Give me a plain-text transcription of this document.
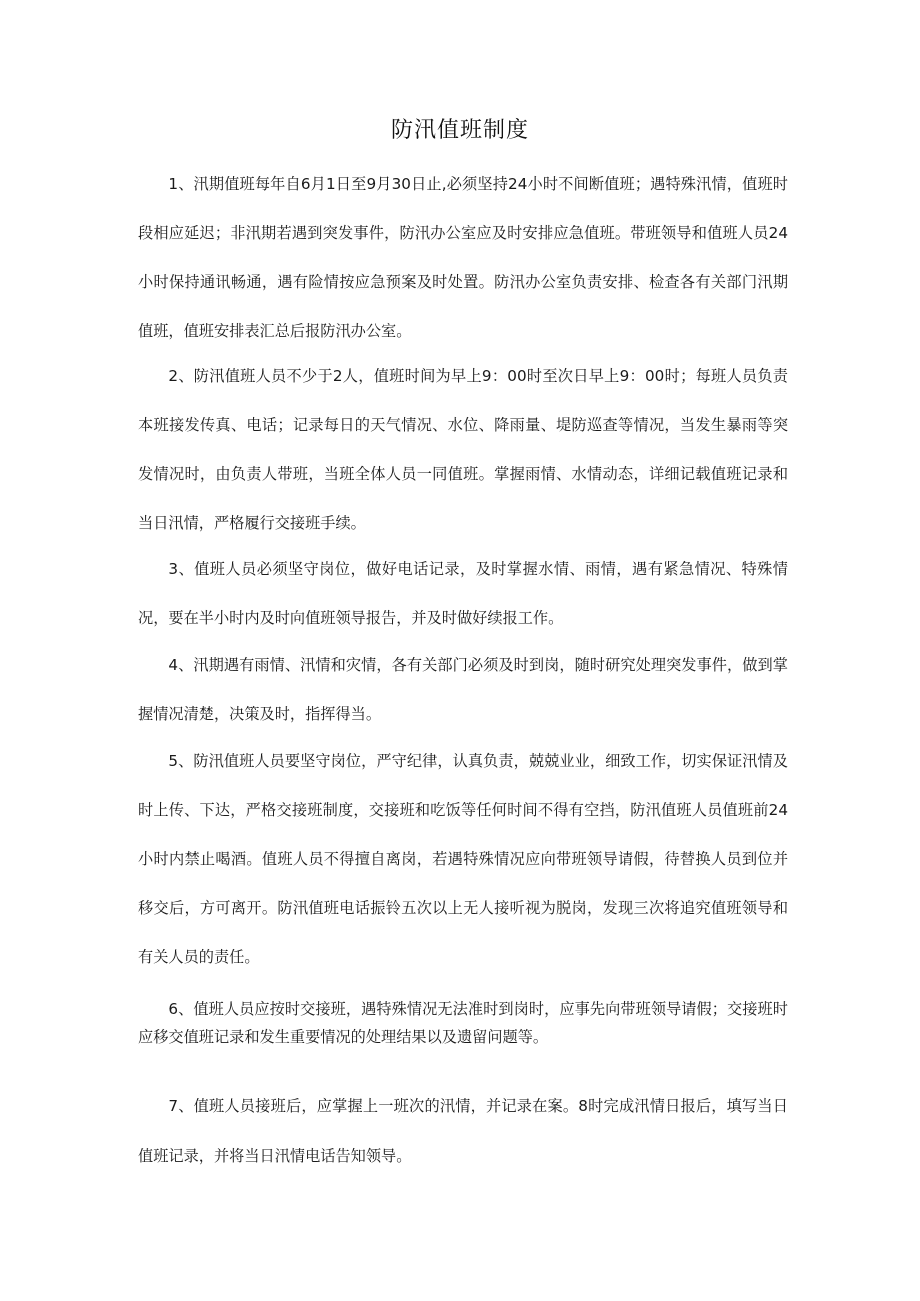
防汛值班制度

1、汛期值班每年自6月1日至9月30日止,必须坚持24小时不间断值班；遇特殊汛情，值班时段相应延迟；非汛期若遇到突发事件，防汛办公室应及时安排应急值班。带班领导和值班人员24小时保持通讯畅通，遇有险情按应急预案及时处置。防汛办公室负责安排、检查各有关部门汛期值班，值班安排表汇总后报防汛办公室。

2、防汛值班人员不少于2人，值班时间为早上9：00时至次日早上9：00时；每班人员负责本班接发传真、电话；记录每日的天气情况、水位、降雨量、堤防巡查等情况，当发生暴雨等突发情况时，由负责人带班，当班全体人员一同值班。掌握雨情、水情动态，详细记载值班记录和当日汛情，严格履行交接班手续。

3、值班人员必须坚守岗位，做好电话记录，及时掌握水情、雨情，遇有紧急情况、特殊情况，要在半小时内及时向值班领导报告，并及时做好续报工作。

4、汛期遇有雨情、汛情和灾情，各有关部门必须及时到岗，随时研究处理突发事件，做到掌握情况清楚，决策及时，指挥得当。

5、防汛值班人员要坚守岗位，严守纪律，认真负责，兢兢业业，细致工作，切实保证汛情及时上传、下达，严格交接班制度，交接班和吃饭等任何时间不得有空挡，防汛值班人员值班前24小时内禁止喝酒。值班人员不得擅自离岗，若遇特殊情况应向带班领导请假，待替换人员到位并移交后，方可离开。防汛值班电话振铃五次以上无人接听视为脱岗，发现三次将追究值班领导和有关人员的责任。

6、值班人员应按时交接班，遇特殊情况无法准时到岗时，应事先向带班领导请假；交接班时应移交值班记录和发生重要情况的处理结果以及遗留问题等。

7、值班人员接班后，应掌握上一班次的汛情，并记录在案。8时完成汛情日报后，填写当日值班记录，并将当日汛情电话告知领导。
